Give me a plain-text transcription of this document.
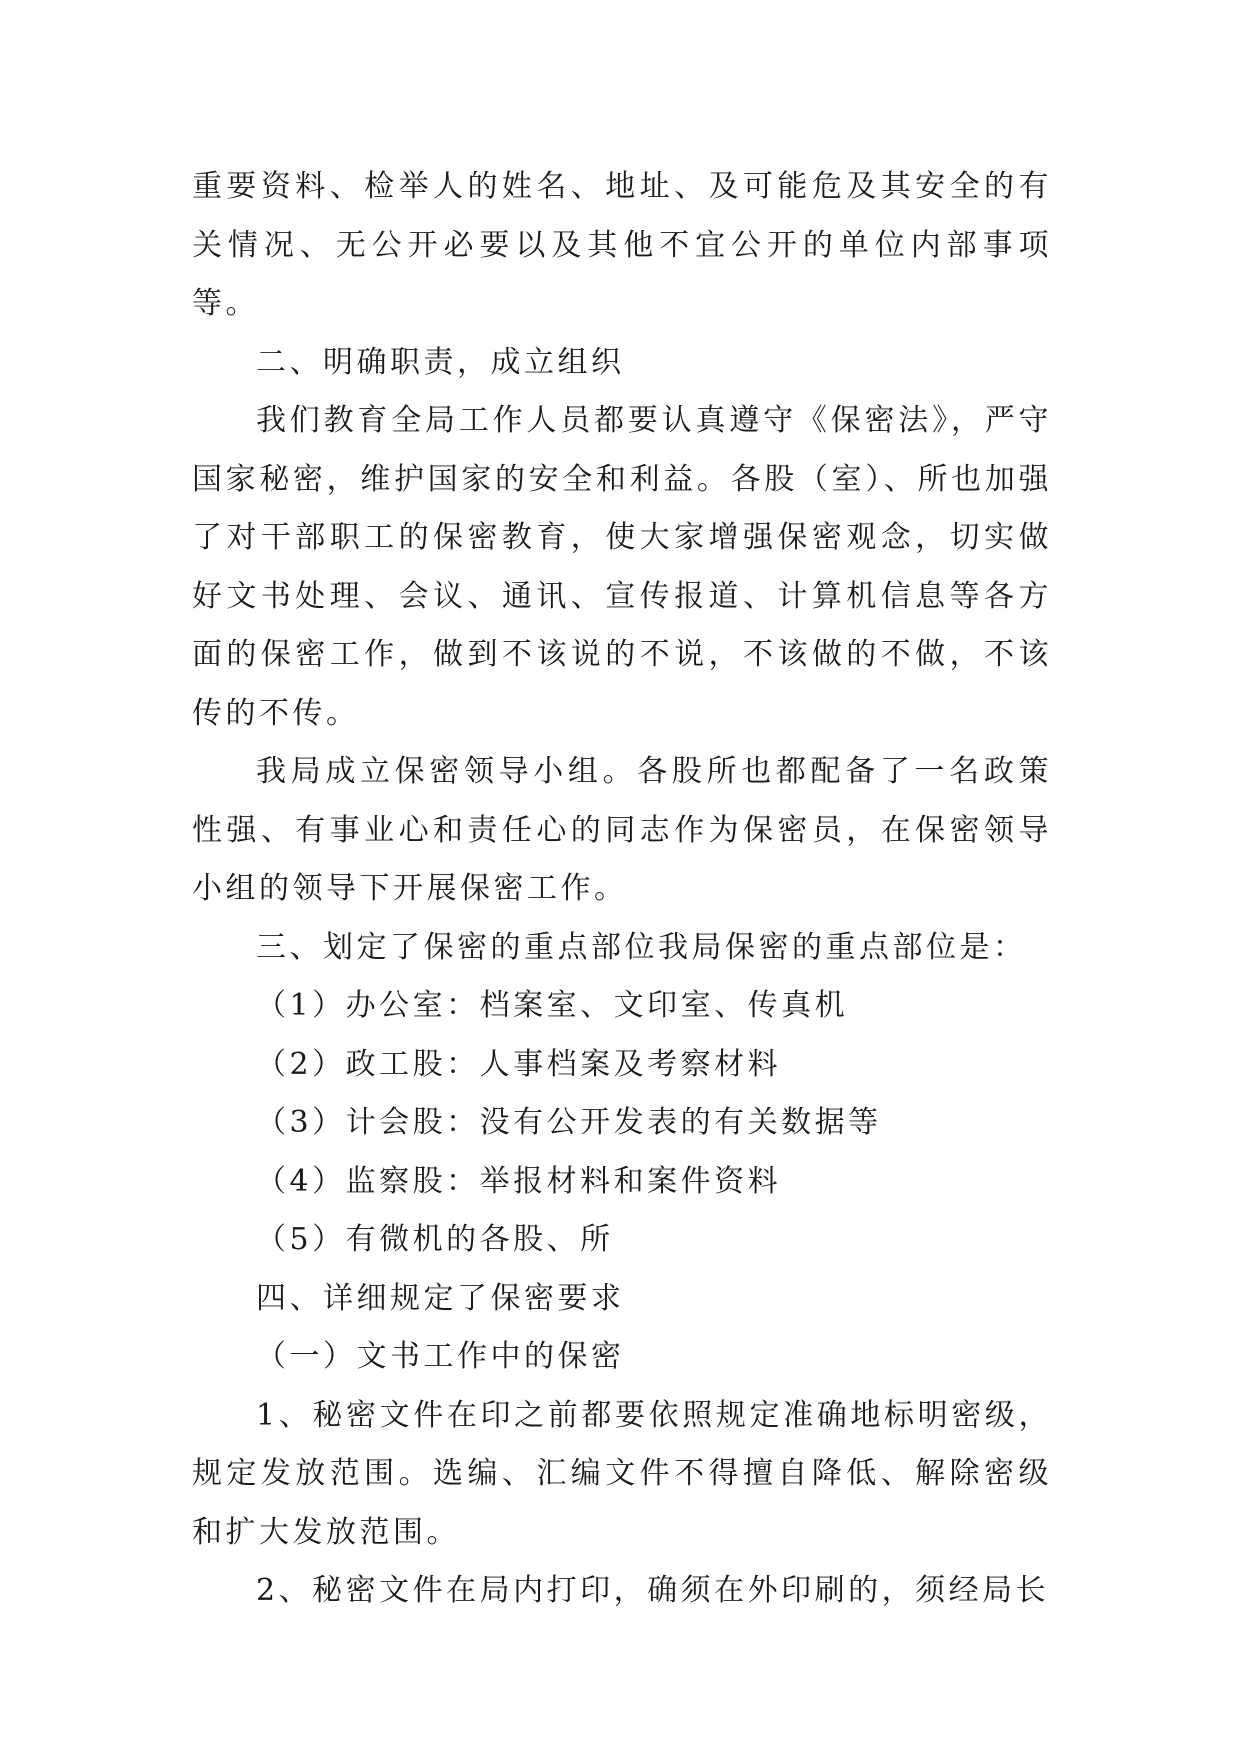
重要资料、检举人的姓名、地址、及可能危及其安全的有关情况、无公开必要以及其他不宜公开的单位内部事项等。

二、明确职责，成立组织

我们教育全局工作人员都要认真遵守《保密法》，严守国家秘密，维护国家的安全和利益。各股（室）、所也加强了对干部职工的保密教育，使大家增强保密观念，切实做好文书处理、会议、通讯、宣传报道、计算机信息等各方面的保密工作，做到不该说的不说，不该做的不做，不该传的不传。

我局成立保密领导小组。各股所也都配备了一名政策性强、有事业心和责任心的同志作为保密员，在保密领导小组的领导下开展保密工作。

三、划定了保密的重点部位我局保密的重点部位是：

（1）办公室：档案室、文印室、传真机

（2）政工股：人事档案及考察材料

（3）计会股：没有公开发表的有关数据等

（4）监察股：举报材料和案件资料

（5）有微机的各股、所

四、详细规定了保密要求

（一）文书工作中的保密

1、秘密文件在印之前都要依照规定准确地标明密级，规定发放范围。选编、汇编文件不得擅自降低、解除密级和扩大发放范围。

2、秘密文件在局内打印，确须在外印刷的，须经局长
